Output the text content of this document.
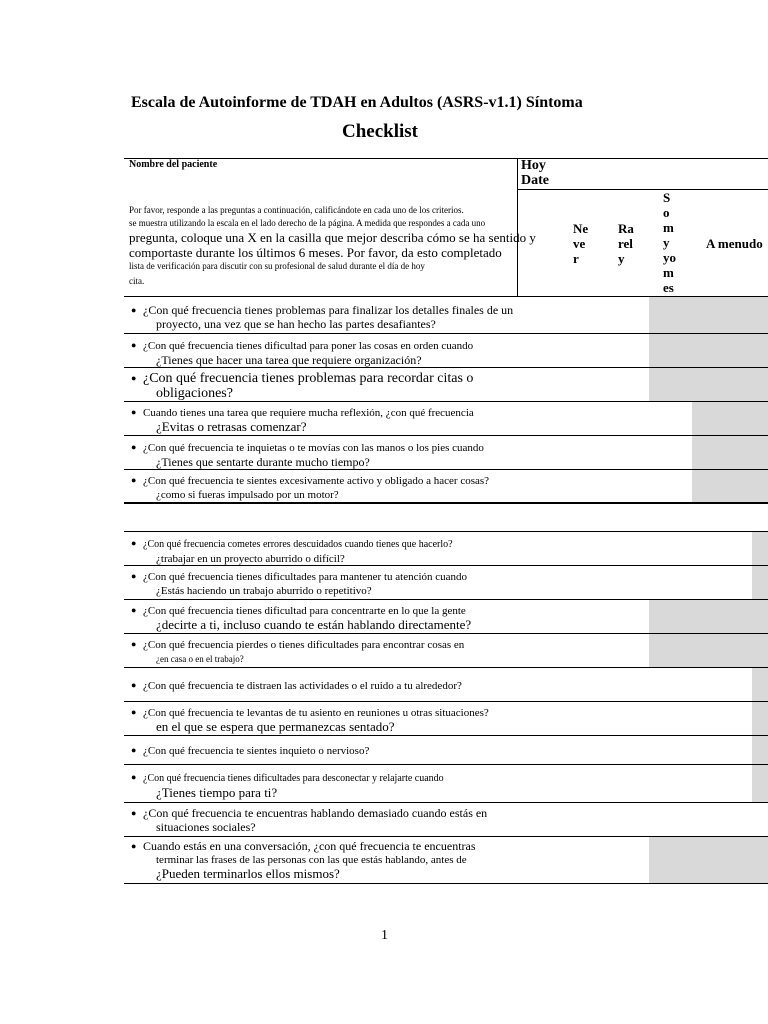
Escala de Autoinforme de TDAH en Adultos (ASRS-v1.1) Síntoma
Checklist
Nombre del paciente	Hoy
Date
Por favor, responde a las preguntas a continuación, calificándote en cada uno de los criterios.
se muestra utilizando la escala en el lado derecho de la página. A medida que respondes a cada uno
pregunta, coloque una X en la casilla que mejor describa cómo se ha sentido y
comportaste durante los últimos 6 meses. Por favor, da esto completado
lista de verificación para discutir con su profesional de salud durante el día de hoy
cita.
Ne
ve
r
Ra
rel
y
S
o
m
y
yo
m
es
A menudo
● ¿Con qué frecuencia tienes problemas para finalizar los detalles finales de un
proyecto, una vez que se han hecho las partes desafiantes?
● ¿Con qué frecuencia tienes dificultad para poner las cosas en orden cuando
¿Tienes que hacer una tarea que requiere organización?
● ¿Con qué frecuencia tienes problemas para recordar citas o
obligaciones?
● Cuando tienes una tarea que requiere mucha reflexión, ¿con qué frecuencia
¿Evitas o retrasas comenzar?
● ¿Con qué frecuencia te inquietas o te movías con las manos o los pies cuando
¿Tienes que sentarte durante mucho tiempo?
● ¿Con qué frecuencia te sientes excesivamente activo y obligado a hacer cosas?
¿como si fueras impulsado por un motor?
● ¿Con qué frecuencia cometes errores descuidados cuando tienes que hacerlo?
¿trabajar en un proyecto aburrido o difícil?
● ¿Con qué frecuencia tienes dificultades para mantener tu atención cuando
¿Estás haciendo un trabajo aburrido o repetitivo?
● ¿Con qué frecuencia tienes dificultad para concentrarte en lo que la gente
¿decirte a ti, incluso cuando te están hablando directamente?
● ¿Con qué frecuencia pierdes o tienes dificultades para encontrar cosas en
¿en casa o en el trabajo?
● ¿Con qué frecuencia te distraen las actividades o el ruido a tu alrededor?
● ¿Con qué frecuencia te levantas de tu asiento en reuniones u otras situaciones?
en el que se espera que permanezcas sentado?
● ¿Con qué frecuencia te sientes inquieto o nervioso?
● ¿Con qué frecuencia tienes dificultades para desconectar y relajarte cuando
¿Tienes tiempo para ti?
● ¿Con qué frecuencia te encuentras hablando demasiado cuando estás en
situaciones sociales?
● Cuando estás en una conversación, ¿con qué frecuencia te encuentras
terminar las frases de las personas con las que estás hablando, antes de
¿Pueden terminarlos ellos mismos?
1
